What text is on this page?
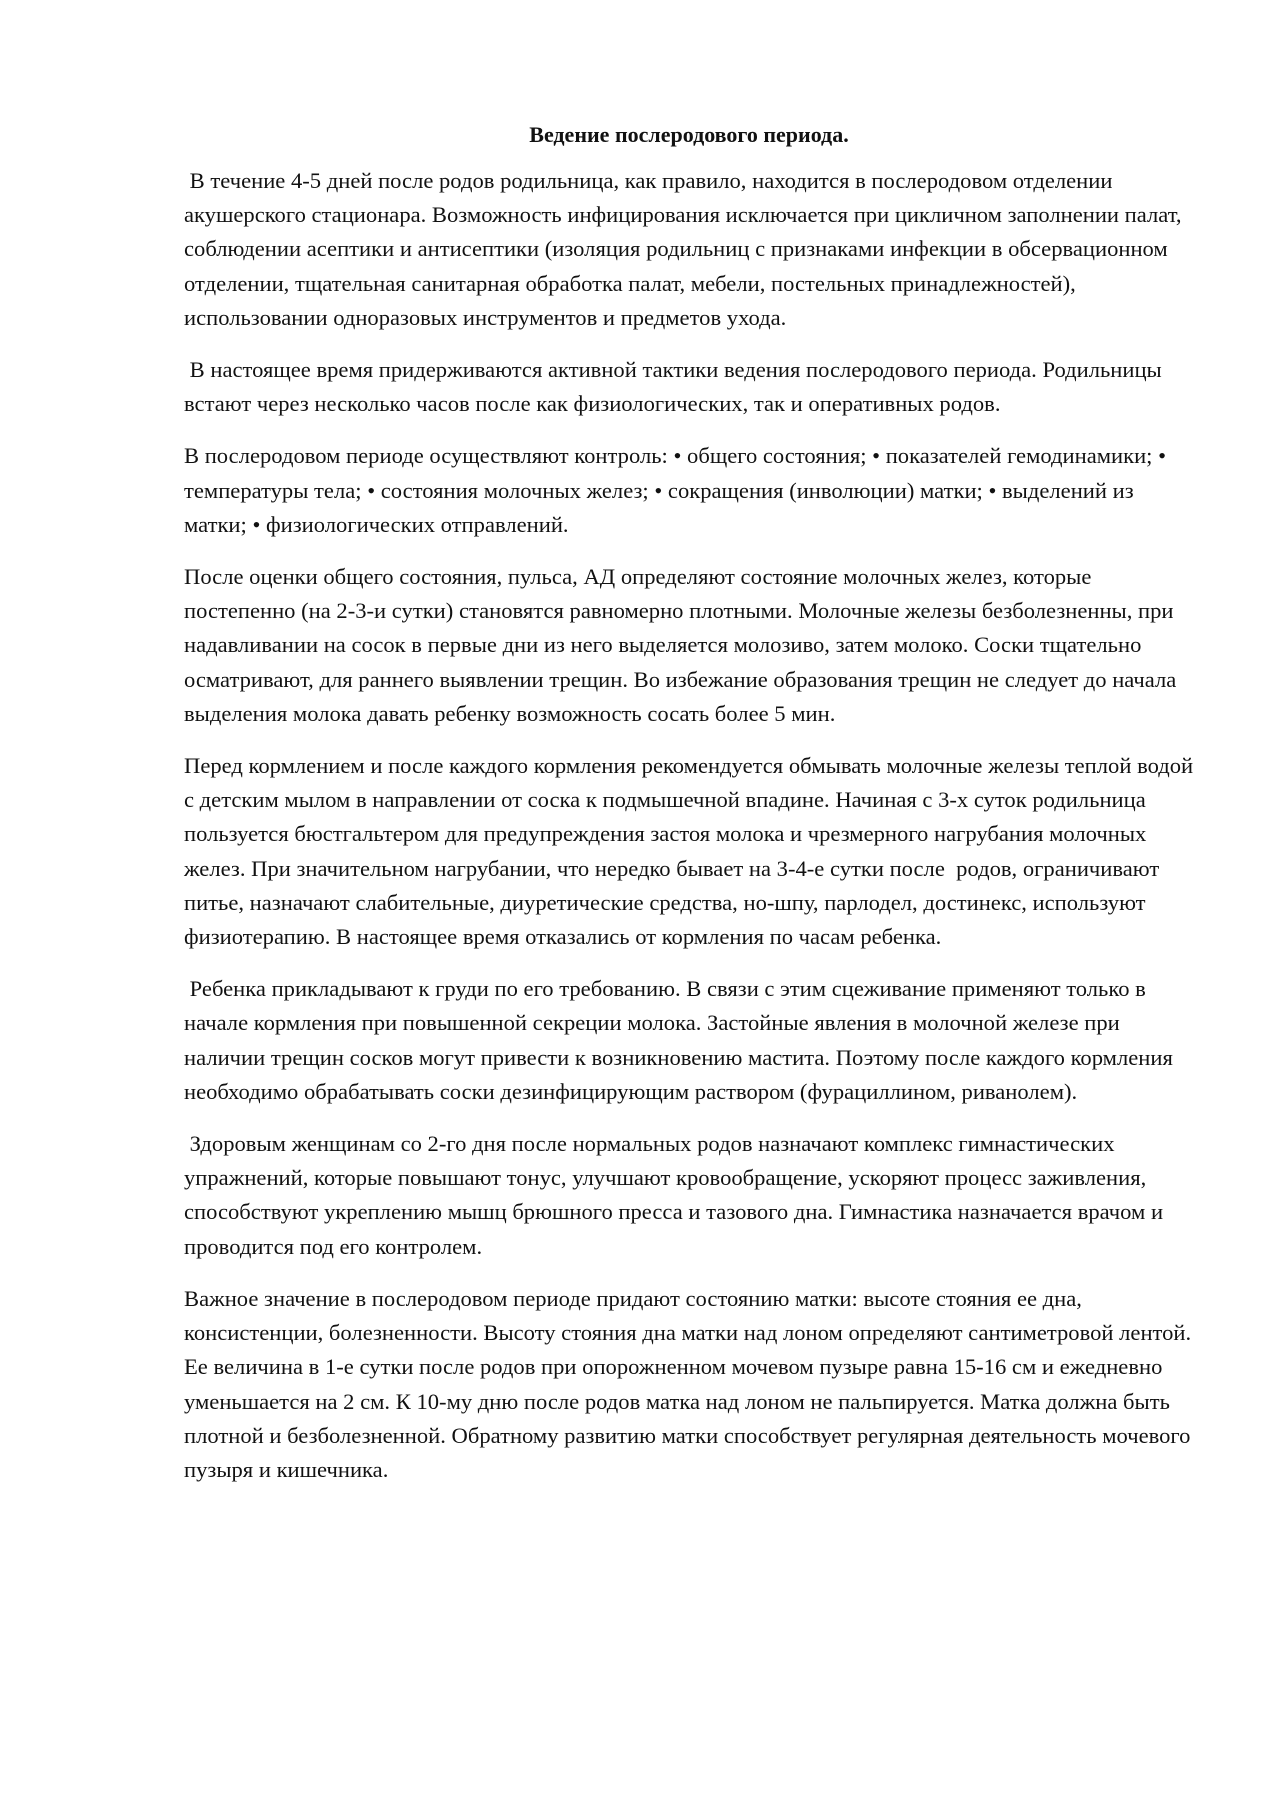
Ведение послеродового периода.

В течение 4-5 дней после родов родильница, как правило, находится в послеродовом отделении акушерского стационара. Возможность инфицирования исключается при цикличном заполнении палат, соблюдении асептики и антисептики (изоляция родильниц с признаками инфекции в обсервационном отделении, тщательная санитарная обработка палат, мебели, постельных принадлежностей), использовании одноразовых инструментов и предметов ухода.

В настоящее время придерживаются активной тактики ведения послеродового периода. Родильницы встают через несколько часов после как физиологических, так и оперативных родов.

В послеродовом периоде осуществляют контроль: • общего состояния; • показателей гемодинамики; • температуры тела; • состояния молочных желез; • сокращения (инволюции) матки; • выделений из матки; • физиологических отправлений.

После оценки общего состояния, пульса, АД определяют состояние молочных желез, которые постепенно (на 2-3-и сутки) становятся равномерно плотными. Молочные железы безболезненны, при надавливании на сосок в первые дни из него выделяется молозиво, затем молоко. Соски тщательно осматривают, для раннего выявлении трещин. Во избежание образования трещин не следует до начала выделения молока давать ребенку возможность сосать более 5 мин.

Перед кормлением и после каждого кормления рекомендуется обмывать молочные железы теплой водой с детским мылом в направлении от соска к подмышечной впадине. Начиная с 3-х суток родильница пользуется бюстгальтером для предупреждения застоя молока и чрезмерного нагрубания молочных желез. При значительном нагрубании, что нередко бывает на 3-4-е сутки после  родов, ограничивают питье, назначают слабительные, диуретические средства, но-шпу, парлодел, достинекс, используют физиотерапию. В настоящее время отказались от кормления по часам ребенка.

Ребенка прикладывают к груди по его требованию. В связи с этим сцеживание применяют только в начале кормления при повышенной секреции молока. Застойные явления в молочной железе при наличии трещин сосков могут привести к возникновению мастита. Поэтому после каждого кормления необходимо обрабатывать соски дезинфицирующим раствором (фурациллином, риванолем).

Здоровым женщинам со 2-го дня после нормальных родов назначают комплекс гимнастических упражнений, которые повышают тонус, улучшают кровообращение, ускоряют процесс заживления, способствуют укреплению мышц брюшного пресса и тазового дна. Гимнастика назначается врачом и проводится под его контролем.

Важное значение в послеродовом периоде придают состоянию матки: высоте стояния ее дна, консистенции, болезненности. Высоту стояния дна матки над лоном определяют сантиметровой лентой. Ее величина в 1-е сутки после родов при опорожненном мочевом пузыре равна 15-16 см и ежедневно уменьшается на 2 см. К 10-му дню после родов матка над лоном не пальпируется. Матка должна быть плотной и безболезненной. Обратному развитию матки способствует регулярная деятельность мочевого пузыря и кишечника.
